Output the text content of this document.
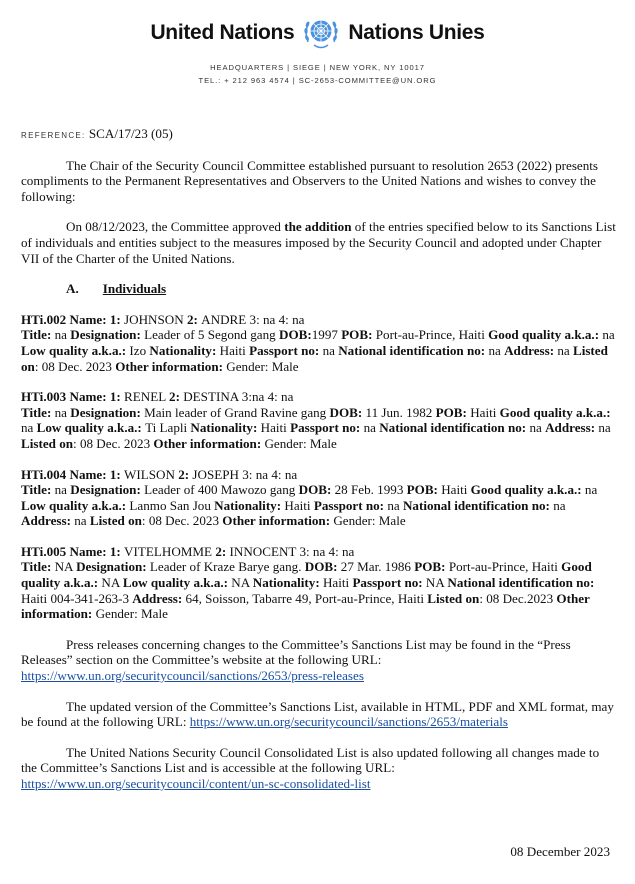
United Nations	Nations Unies
HEADQUARTERS | SIEGE | NEW YORK, NY 10017
TEL.: + 212 963 4574 | SC-2653-COMMITTEE@UN.ORG

REFERENCE: SCA/17/23 (05)

The Chair of the Security Council Committee established pursuant to resolution 2653 (2022) presents compliments to the Permanent Representatives and Observers to the United Nations and wishes to convey the following:

On 08/12/2023, the Committee approved the addition of the entries specified below to its Sanctions List of individuals and entities subject to the measures imposed by the Security Council and adopted under Chapter VII of the Charter of the United Nations.

A. Individuals

HTi.002 Name: 1: JOHNSON 2: ANDRE 3: na 4: na
Title: na Designation: Leader of 5 Segond gang DOB:1997 POB: Port-au-Prince, Haiti Good quality a.k.a.: na Low quality a.k.a.: Izo Nationality: Haiti Passport no: na National identification no: na Address: na Listed on: 08 Dec. 2023 Other information: Gender: Male

HTi.003 Name: 1: RENEL 2: DESTINA 3:na 4: na
Title: na Designation: Main leader of Grand Ravine gang DOB: 11 Jun. 1982 POB: Haiti Good quality a.k.a.: na Low quality a.k.a.: Ti Lapli Nationality: Haiti Passport no: na National identification no: na Address: na Listed on: 08 Dec. 2023 Other information: Gender: Male

HTi.004 Name: 1: WILSON 2: JOSEPH 3: na 4: na
Title: na Designation: Leader of 400 Mawozo gang DOB: 28 Feb. 1993 POB: Haiti Good quality a.k.a.: na Low quality a.k.a.: Lanmo San Jou Nationality: Haiti Passport no: na National identification no: na Address: na Listed on: 08 Dec. 2023 Other information: Gender: Male

HTi.005 Name: 1: VITELHOMME 2: INNOCENT 3: na 4: na
Title: NA Designation: Leader of Kraze Barye gang. DOB: 27 Mar. 1986 POB: Port-au-Prince, Haiti Good quality a.k.a.: NA Low quality a.k.a.: NA Nationality: Haiti Passport no: NA National identification no: Haiti 004-341-263-3 Address: 64, Soisson, Tabarre 49, Port-au-Prince, Haiti Listed on: 08 Dec.2023 Other information: Gender: Male

Press releases concerning changes to the Committee’s Sanctions List may be found in the “Press Releases” section on the Committee’s website at the following URL: https://www.un.org/securitycouncil/sanctions/2653/press-releases

The updated version of the Committee’s Sanctions List, available in HTML, PDF and XML format, may be found at the following URL: https://www.un.org/securitycouncil/sanctions/2653/materials

The United Nations Security Council Consolidated List is also updated following all changes made to the Committee’s Sanctions List and is accessible at the following URL: https://www.un.org/securitycouncil/content/un-sc-consolidated-list

08 December 2023
